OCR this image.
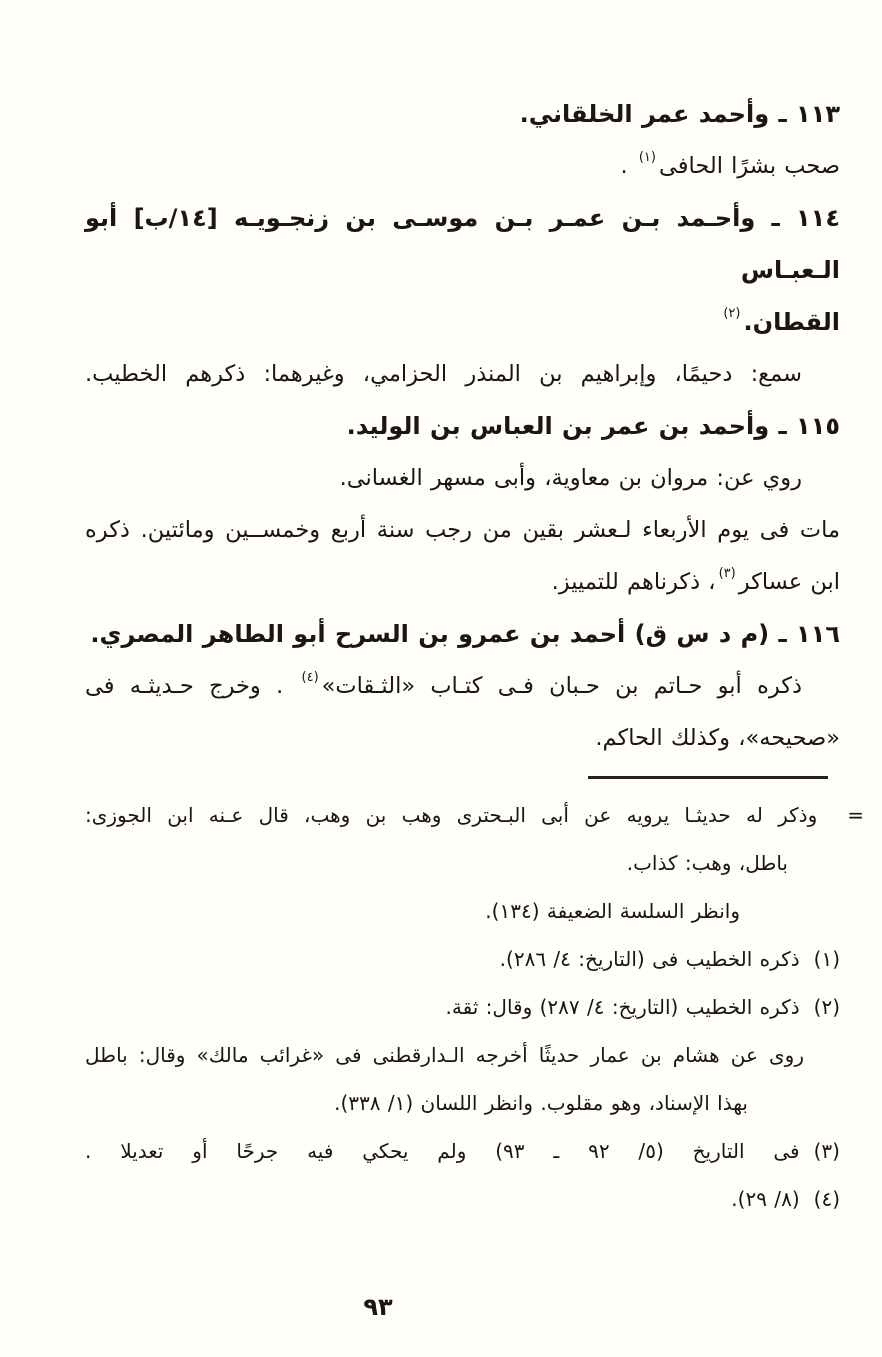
١١٣ ـ وأحمد عمر الخلقاني.

صحب بشرًا الحافى$^{(١)}$ .

١١٤ ـ وأحـمد بـن عمـر بـن موسـى بن زنجـويـه [١٤/ب] أبو الـعبـاس

القطان.$^{(٢)}$

سمع: دحيمًا، وإبراهيم بن المنذر الحزامي، وغيرهما: ذكرهم الخطيب.

١١٥ ـ وأحمد بن عمر بن العباس بن الوليد.

روي عن: مروان بن معاوية، وأبى مسهر الغسانى.

مات فى يوم الأربعاء لـعشر بقين من رجب سنة أربع وخمســين ومائتين. ذكره

ابن عساكر$^{(٣)}$، ذكرناهم للتمييز.

١١٦ ـ (م د س ق) أحمد بن عمرو بن السرح أبو الطاهر المصري.

ذكره أبو حـاتم بن حـبان فـى كتـاب «الثـقات»$^{(٤)}$ . وخرج حـديثـه فى

«صحيحه»، وكذلك الحاكم.

=
وذكر له حديثـا يرويه عن أبى البـحترى وهب بن وهب، قال عـنه ابن الجوزى:

باطل، وهب: كذاب.

وانظر السلسة الضعيفة (١٣٤).

(١)ذكره الخطيب فى (التاريخ: ٤/ ٢٨٦).

(٢)ذكره الخطيب (التاريخ: ٤/ ٢٨٧) وقال: ثقة.

روى عن هشام بن عمار حديثًا أخرجه الـدارقطنى فى «غرائب مالك» وقال: باطل

بهذا الإسناد، وهو مقلوب. وانظر اللسان (١/ ٣٣٨).

(٣)فى التاريخ (٥/ ٩٢ ـ ٩٣) ولم يحكي فيه جرحًا أو تعديلا .

(٤)(٨/ ٢٩).

٩٣
